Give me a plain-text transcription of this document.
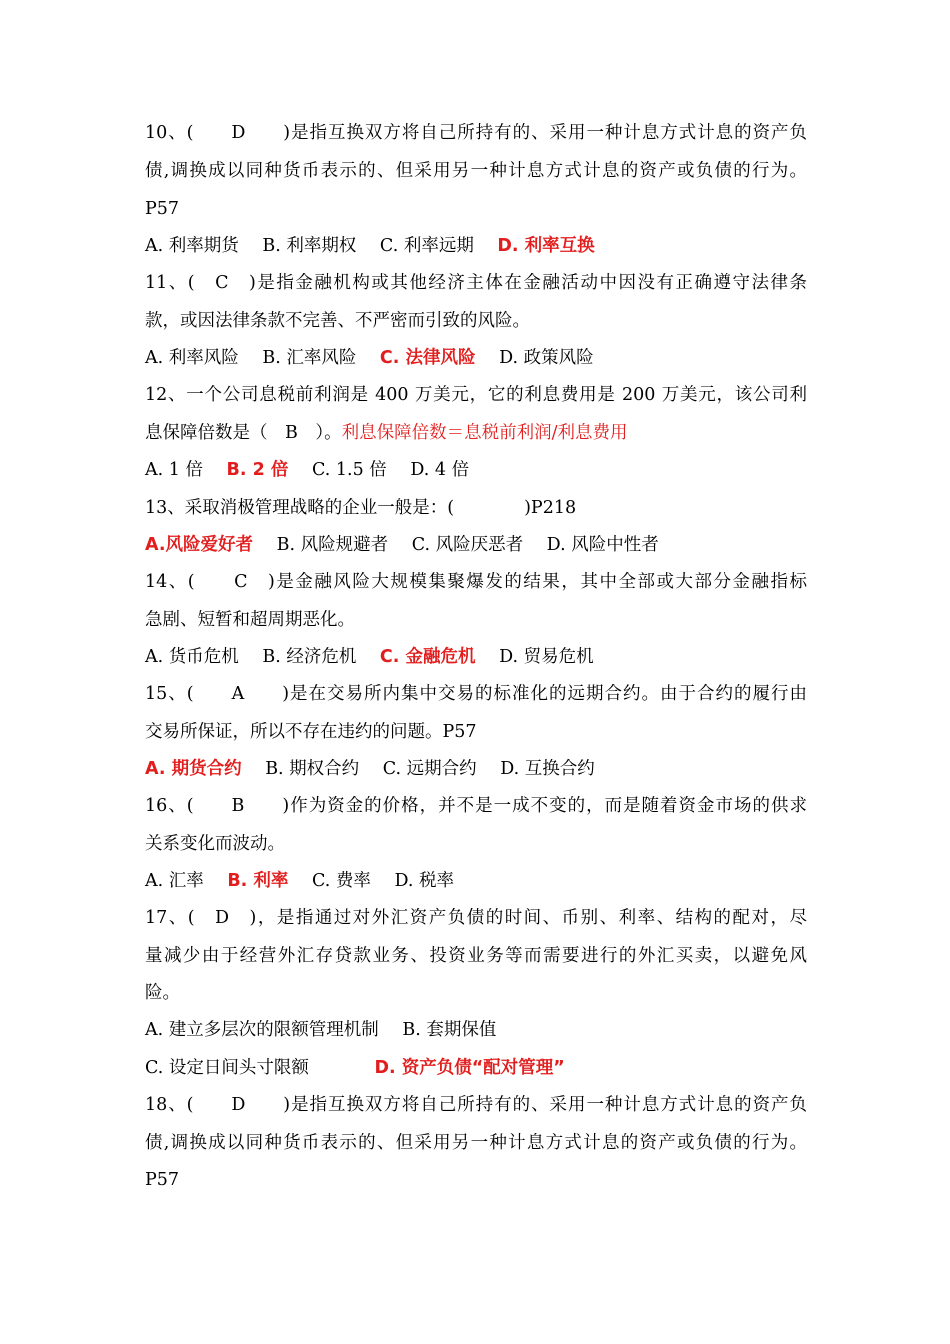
10、(　　D　　)是指互换双方将自己所持有的、采用一种计息方式计息的资产负
债,调换成以同种货币表示的、但采用另一种计息方式计息的资产或负债的行为。
P57
A. 利率期货 B. 利率期权 C. 利率远期 D. 利率互换
11、(　C　)是指金融机构或其他经济主体在金融活动中因没有正确遵守法律条
款，或因法律条款不完善、不严密而引致的风险。
A. 利率风险 B. 汇率风险 C. 法律风险 D. 政策风险
12、一个公司息税前利润是 400 万美元，它的利息费用是 200 万美元，该公司利
息保障倍数是（　B　）。利息保障倍数＝息税前利润/利息费用
A. 1 倍 B. 2 倍 C. 1.5 倍 D. 4 倍
13、采取消极管理战略的企业一般是：(　　　　)P218
A.风险爱好者 B. 风险规避者 C. 风险厌恶者 D. 风险中性者
14、(　　C　)是金融风险大规模集聚爆发的结果，其中全部或大部分金融指标
急剧、短暂和超周期恶化。
A. 货币危机 B. 经济危机 C. 金融危机 D. 贸易危机
15、(　　A　　)是在交易所内集中交易的标准化的远期合约。由于合约的履行由
交易所保证，所以不存在违约的问题。P57
A. 期货合约 B. 期权合约 C. 远期合约 D. 互换合约
16、(　　B　　)作为资金的价格，并不是一成不变的，而是随着资金市场的供求
关系变化而波动。
A. 汇率 B. 利率 C. 费率 D. 税率
17、(　D　)，是指通过对外汇资产负债的时间、币别、利率、结构的配对，尽
量减少由于经营外汇存贷款业务、投资业务等而需要进行的外汇买卖，以避免风
险。
A. 建立多层次的限额管理机制 B. 套期保值
C. 设定日间头寸限额	D. 资产负债“配对管理”
18、(　　D　　)是指互换双方将自己所持有的、采用一种计息方式计息的资产负
债,调换成以同种货币表示的、但采用另一种计息方式计息的资产或负债的行为。
P57
